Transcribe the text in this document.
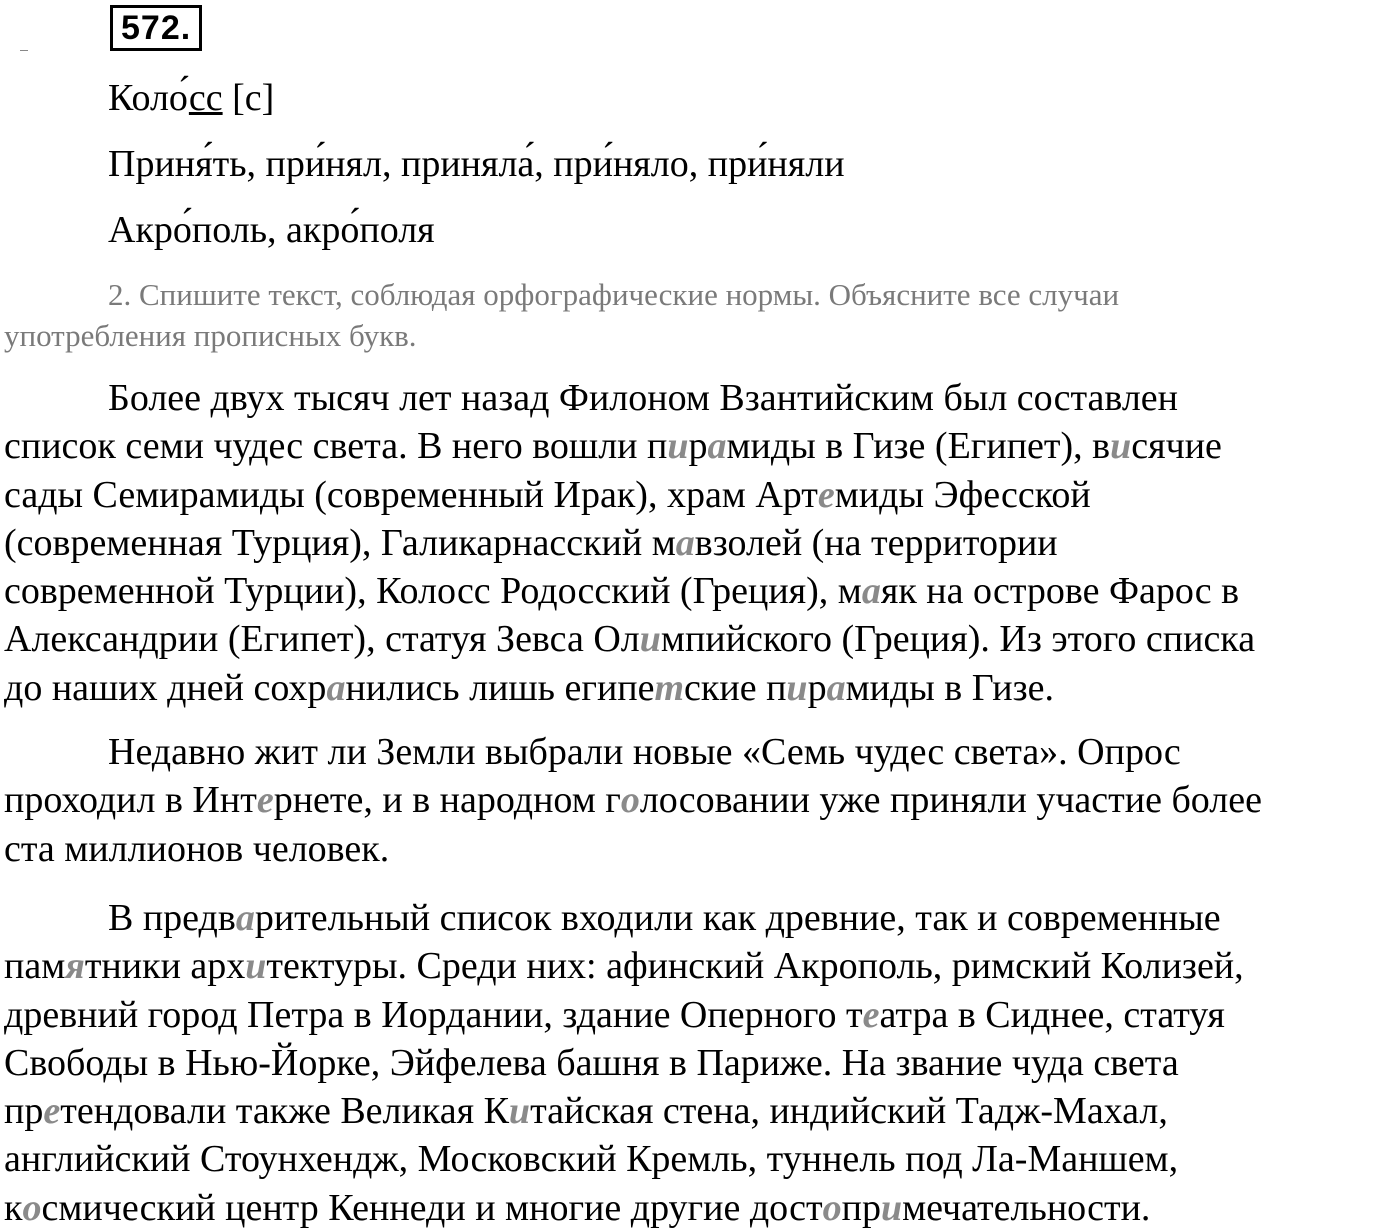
572.
Коло́сс [с]
Приня́ть, при́нял, приняла́, при́няло, при́няли
Акро́поль, акро́поля
2. Спишите текст, соблюдая орфографические нормы. Объясните все случаи
употребления прописных букв.
Более двух тысяч лет назад Филоном Взантийским был составлен
список семи чудес света. В него вошли пирамиды в Гизе (Египет), висячие
сады Семирамиды (современный Ирак), храм Артемиды Эфесской
(современная Турция), Галикарнасский мавзолей (на территории
современной Турции), Колосс Родосский (Греция), маяк на острове Фарос в
Александрии (Египет), статуя Зевса Олимпийского (Греция). Из этого списка
до наших дней сохранились лишь египетские пирамиды в Гизе.
Недавно жит ли Земли выбрали новые «Семь чудес света». Опрос
проходил в Интернете, и в народном голосовании уже приняли участие более
ста миллионов человек.
В предварительный список входили как древние, так и современные
памятники архитектуры. Среди них: афинский Акрополь, римский Колизей,
древний город Петра в Иордании, здание Оперного театра в Сиднее, статуя
Свободы в Нью-Йорке, Эйфелева башня в Париже. На звание чуда света
претендовали также Великая Китайская стена, индийский Тадж-Махал,
английский Стоунхендж, Московский Кремль, туннель под Ла-Маншем,
космический центр Кеннеди и многие другие достопримечательности.
